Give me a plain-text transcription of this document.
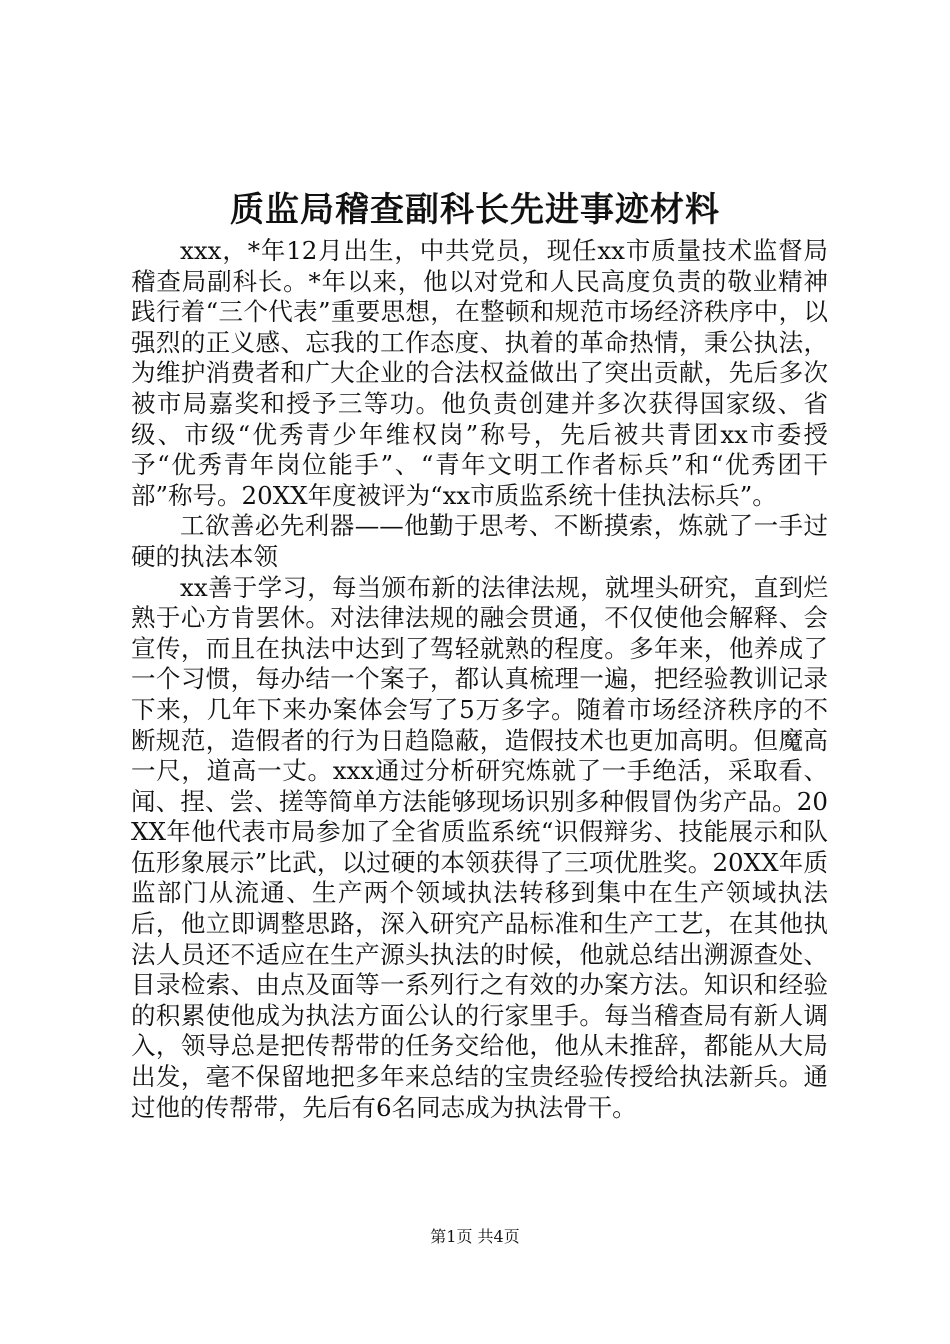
质监局稽查副科长先进事迹材料

xxx，*年12月出生，中共党员，现任xx市质量技术监督局稽查局副科长。*年以来，他以对党和人民高度负责的敬业精神践行着“三个代表”重要思想，在整顿和规范市场经济秩序中，以强烈的正义感、忘我的工作态度、执着的革命热情，秉公执法，为维护消费者和广大企业的合法权益做出了突出贡献，先后多次被市局嘉奖和授予三等功。他负责创建并多次获得国家级、省级、市级“优秀青少年维权岗”称号，先后被共青团xx市委授予“优秀青年岗位能手”、“青年文明工作者标兵”和“优秀团干部”称号。20XX年度被评为“xx市质监系统十佳执法标兵”。

工欲善必先利器——他勤于思考、不断摸索，炼就了一手过硬的执法本领

xx善于学习，每当颁布新的法律法规，就埋头研究，直到烂熟于心方肯罢休。对法律法规的融会贯通，不仅使他会解释、会宣传，而且在执法中达到了驾轻就熟的程度。多年来，他养成了一个习惯，每办结一个案子，都认真梳理一遍，把经验教训记录下来，几年下来办案体会写了5万多字。随着市场经济秩序的不断规范，造假者的行为日趋隐蔽，造假技术也更加高明。但魔高一尺，道高一丈。xxx通过分析研究炼就了一手绝活，采取看、闻、捏、尝、搓等简单方法能够现场识别多种假冒伪劣产品。20XX年他代表市局参加了全省质监系统“识假辩劣、技能展示和队伍形象展示”比武，以过硬的本领获得了三项优胜奖。20XX年质监部门从流通、生产两个领域执法转移到集中在生产领域执法后，他立即调整思路，深入研究产品标准和生产工艺，在其他执法人员还不适应在生产源头执法的时候，他就总结出溯源查处、目录检索、由点及面等一系列行之有效的办案方法。知识和经验的积累使他成为执法方面公认的行家里手。每当稽查局有新人调入，领导总是把传帮带的任务交给他，他从未推辞，都能从大局出发，毫不保留地把多年来总结的宝贵经验传授给执法新兵。通过他的传帮带，先后有6名同志成为执法骨干。

第1页 共4页
